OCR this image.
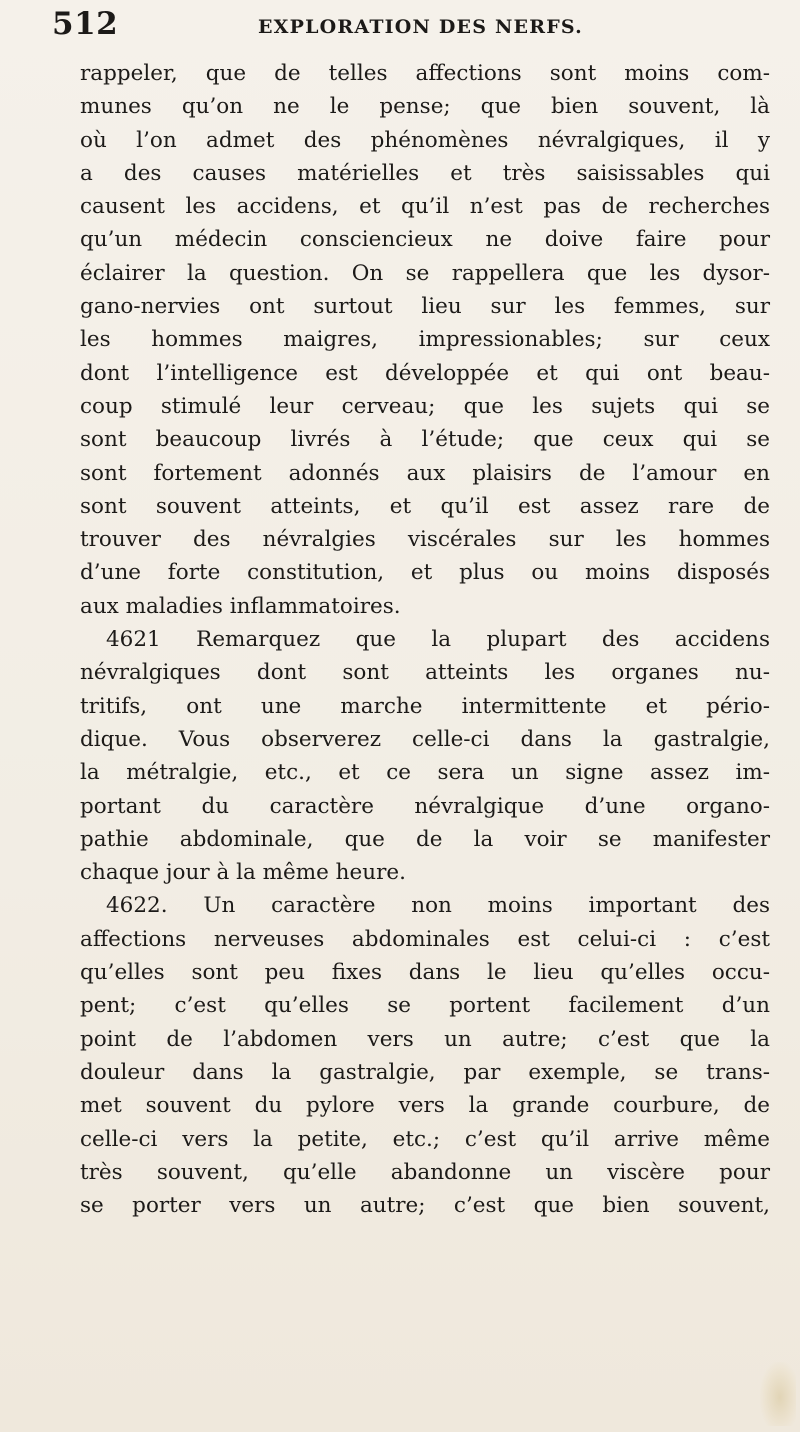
512	EXPLORATION DES NERFS.
rappeler, que de telles affections sont moins com-
munes qu’on ne le pense; que bien souvent, là
où l’on admet des phénomènes névralgiques, il y
a des causes matérielles et très saisissables qui
causent les accidens, et qu’il n’est pas de recherches
qu’un médecin consciencieux ne doive faire pour
éclairer la question. On se rappellera que les dysor-
gano-nervies ont surtout lieu sur les femmes, sur
les hommes maigres, impressionables; sur ceux
dont l’intelligence est développée et qui ont beau-
coup stimulé leur cerveau; que les sujets qui se
sont beaucoup livrés à l’étude; que ceux qui se
sont fortement adonnés aux plaisirs de l’amour en
sont souvent atteints, et qu’il est assez rare de
trouver des névralgies viscérales sur les hommes
d’une forte constitution, et plus ou moins disposés
aux maladies inflammatoires.
4621 Remarquez que la plupart des accidens
névralgiques dont sont atteints les organes nu-
tritifs, ont une marche intermittente et pério-
dique. Vous observerez celle-ci dans la gastralgie,
la métralgie, etc., et ce sera un signe assez im-
portant du caractère névralgique d’une organo-
pathie abdominale, que de la voir se manifester
chaque jour à la même heure.
4622. Un caractère non moins important des
affections nerveuses abdominales est celui-ci : c’est
qu’elles sont peu fixes dans le lieu qu’elles occu-
pent; c’est qu’elles se portent facilement d’un
point de l’abdomen vers un autre; c’est que la
douleur dans la gastralgie, par exemple, se trans-
met souvent du pylore vers la grande courbure, de
celle-ci vers la petite, etc.; c’est qu’il arrive même
très souvent, qu’elle abandonne un viscère pour
se porter vers un autre; c’est que bien souvent,
